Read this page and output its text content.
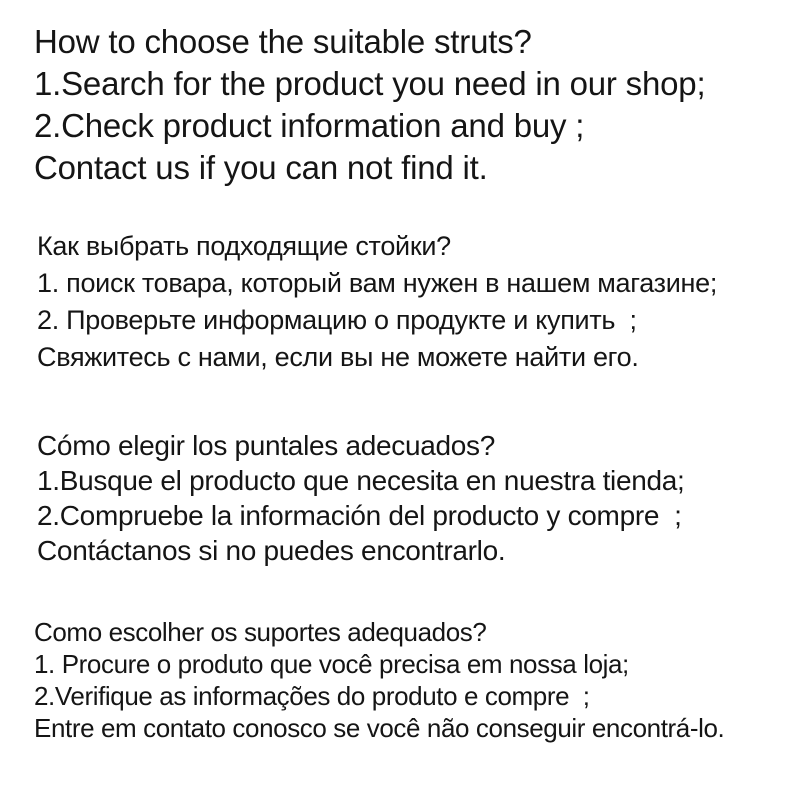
How to choose the suitable struts?
1.Search for the product you need in our shop;
2.Check product information and buy ;
Contact us if you can not find it.
Как выбрать подходящие стойки?
1. поиск товара, который вам нужен в нашем магазине;
2. Проверьте информацию о продукте и купить  ;
Свяжитесь с нами, если вы не можете найти его.
Cómo elegir los puntales adecuados?
1.Busque el producto que necesita en nuestra tienda;
2.Compruebe la información del producto y compre  ;
Contáctanos si no puedes encontrarlo.
Como escolher os suportes adequados?
1. Procure o produto que você precisa em nossa loja;
2.Verifique as informações do produto e compre  ;
Entre em contato conosco se você não conseguir encontrá-lo.
